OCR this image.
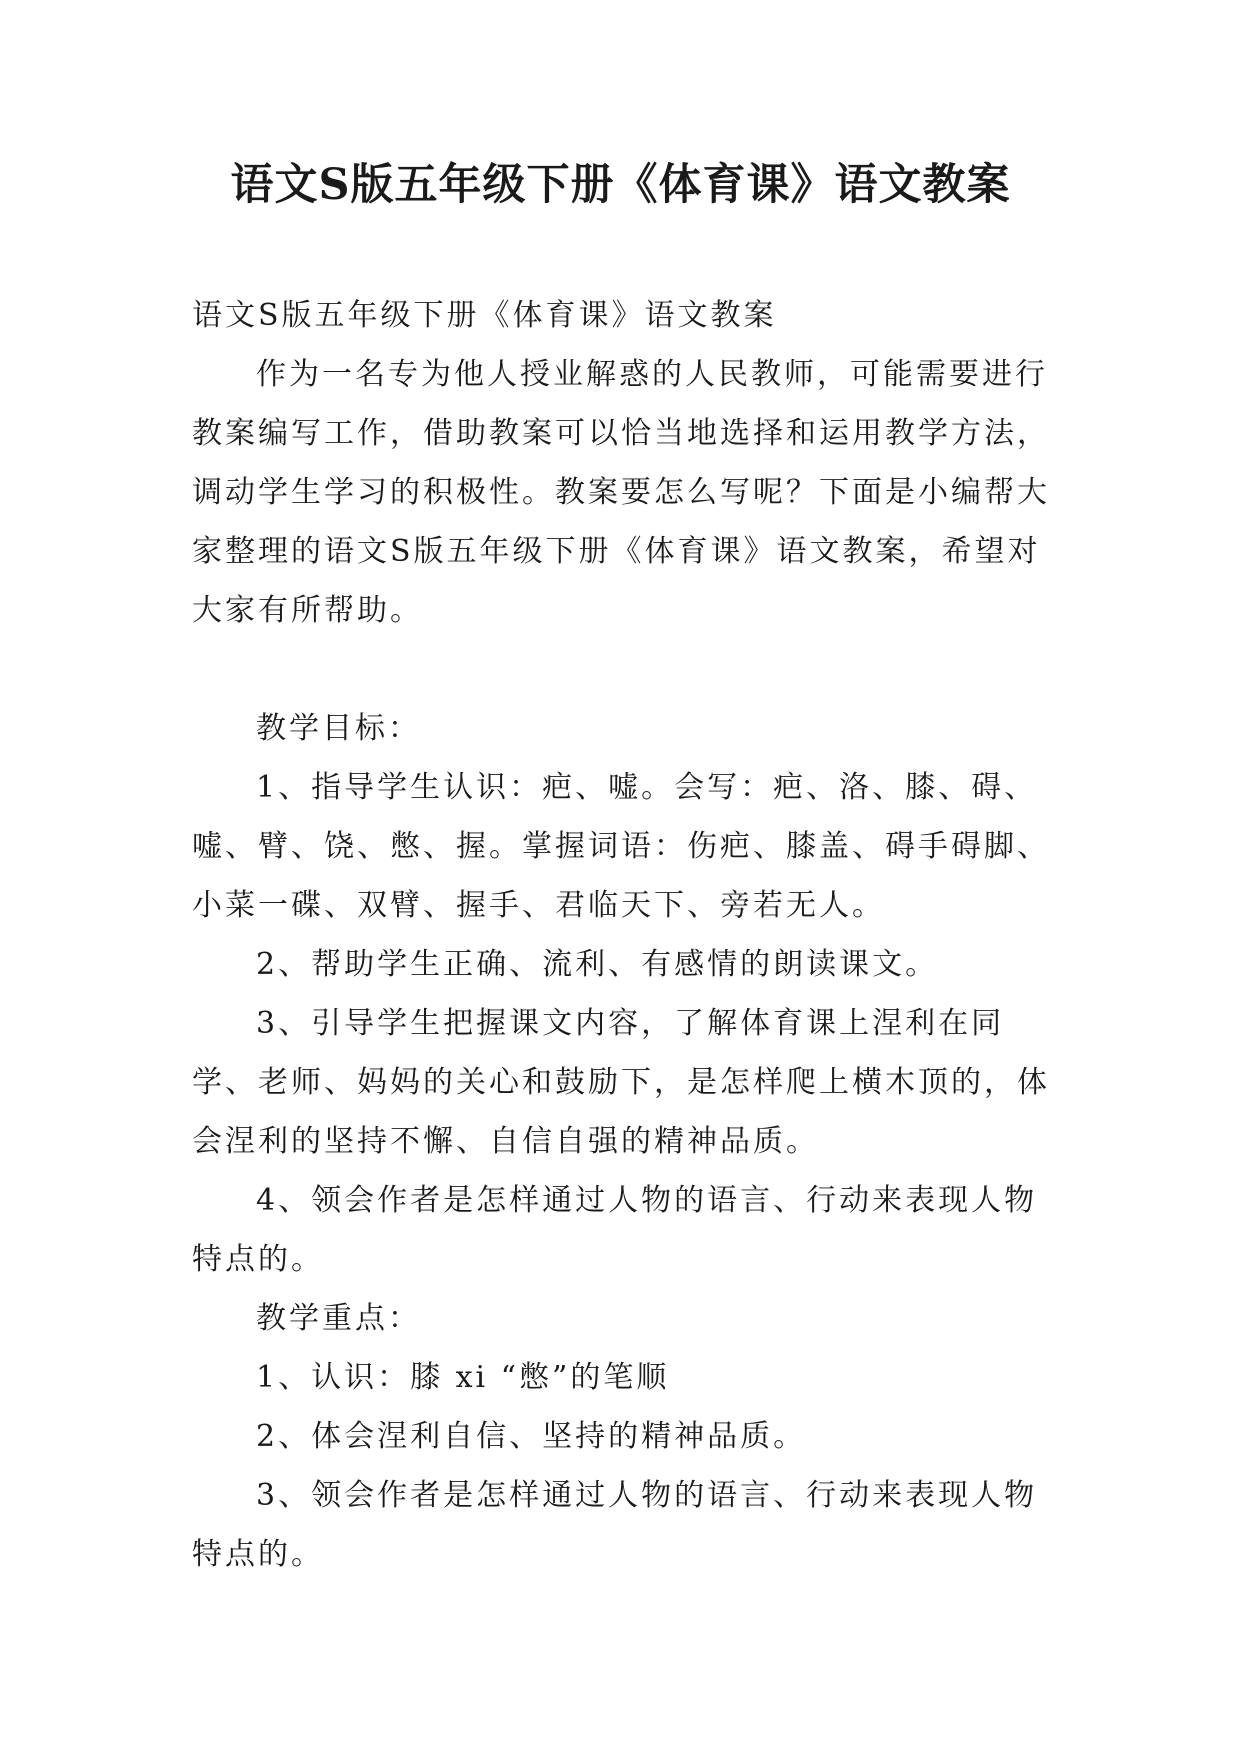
语文S版五年级下册《体育课》语文教案

语文S版五年级下册《体育课》语文教案

作为一名专为他人授业解惑的人民教师，可能需要进行教案编写工作，借助教案可以恰当地选择和运用教学方法，调动学生学习的积极性。教案要怎么写呢？下面是小编帮大家整理的语文S版五年级下册《体育课》语文教案，希望对大家有所帮助。

教学目标：

1、指导学生认识：疤、嘘。会写：疤、洛、膝、碍、嘘、臂、饶、憋、握。掌握词语：伤疤、膝盖、碍手碍脚、小菜一碟、双臂、握手、君临天下、旁若无人。

2、帮助学生正确、流利、有感情的朗读课文。

3、引导学生把握课文内容，了解体育课上涅利在同学、老师、妈妈的关心和鼓励下，是怎样爬上横木顶的，体会涅利的坚持不懈、自信自强的精神品质。

4、领会作者是怎样通过人物的语言、行动来表现人物特点的。

教学重点：

1、认识：膝 xi “憋”的笔顺

2、体会涅利自信、坚持的精神品质。

3、领会作者是怎样通过人物的语言、行动来表现人物特点的。
